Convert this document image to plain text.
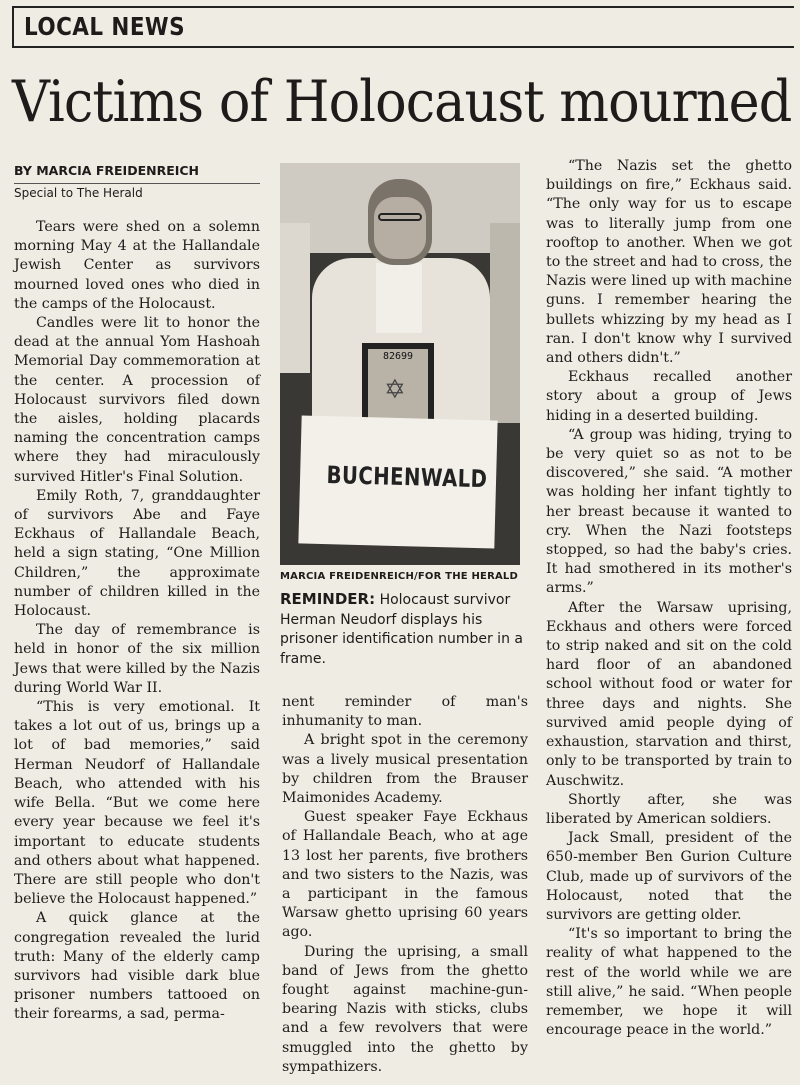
LOCAL NEWS
Victims of Holocaust mourned
BY MARCIA FREIDENREICH
Special to The Herald

Tears were shed on a solemn morning May 4 at the Hallandale Jewish Center as survivors mourned loved ones who died in the camps of the Holocaust.

Candles were lit to honor the dead at the annual Yom Hashoah Memorial Day commemoration at the center. A procession of Holocaust survivors filed down the aisles, holding placards naming the concentration camps where they had miraculously survived Hitler's Final Solution.

Emily Roth, 7, granddaughter of survivors Abe and Faye Eckhaus of Hallandale Beach, held a sign stating, “One Million Children,” the approximate number of children killed in the Holocaust.

The day of remembrance is held in honor of the six million Jews that were killed by the Nazis during World War II.

“This is very emotional. It takes a lot out of us, brings up a lot of bad memories,” said Herman Neudorf of Hallandale Beach, who attended with his wife Bella. “But we come here every year because we feel it's important to educate students and others about what happened. There are still people who don't believe the Holocaust happened.”

A quick glance at the congregation revealed the lurid truth: Many of the elderly camp survivors had visible dark blue prisoner numbers tattooed on their forearms, a sad, perma-

82699
✡
BUCHENWALD
MARCIA FREIDENREICH/FOR THE HERALD

REMINDER: Holocaust survivor Herman Neudorf displays his prisoner identification number in a frame.

nent reminder of man's inhumanity to man.

A bright spot in the ceremony was a lively musical presentation by children from the Brauser Maimonides Academy.

Guest speaker Faye Eckhaus of Hallandale Beach, who at age 13 lost her parents, five brothers and two sisters to the Nazis, was a participant in the famous Warsaw ghetto uprising 60 years ago.

During the uprising, a small band of Jews from the ghetto fought against machine-gun-bearing Nazis with sticks, clubs and a few revolvers that were smuggled into the ghetto by sympathizers.

“The Nazis set the ghetto buildings on fire,” Eckhaus said. “The only way for us to escape was to literally jump from one rooftop to another. When we got to the street and had to cross, the Nazis were lined up with machine guns. I remember hearing the bullets whizzing by my head as I ran. I don't know why I survived and others didn't.”

Eckhaus recalled another story about a group of Jews hiding in a deserted building.

“A group was hiding, trying to be very quiet so as not to be discovered,” she said. “A mother was holding her infant tightly to her breast because it wanted to cry. When the Nazi footsteps stopped, so had the baby's cries. It had smothered in its mother's arms.”

After the Warsaw uprising, Eckhaus and others were forced to strip naked and sit on the cold hard floor of an abandoned school without food or water for three days and nights. She survived amid people dying of exhaustion, starvation and thirst, only to be transported by train to Auschwitz.

Shortly after, she was liberated by American soldiers.

Jack Small, president of the 650-member Ben Gurion Culture Club, made up of survivors of the Holocaust, noted that the survivors are getting older.

“It's so important to bring the reality of what happened to the rest of the world while we are still alive,” he said. “When people remember, we hope it will encourage peace in the world.”
